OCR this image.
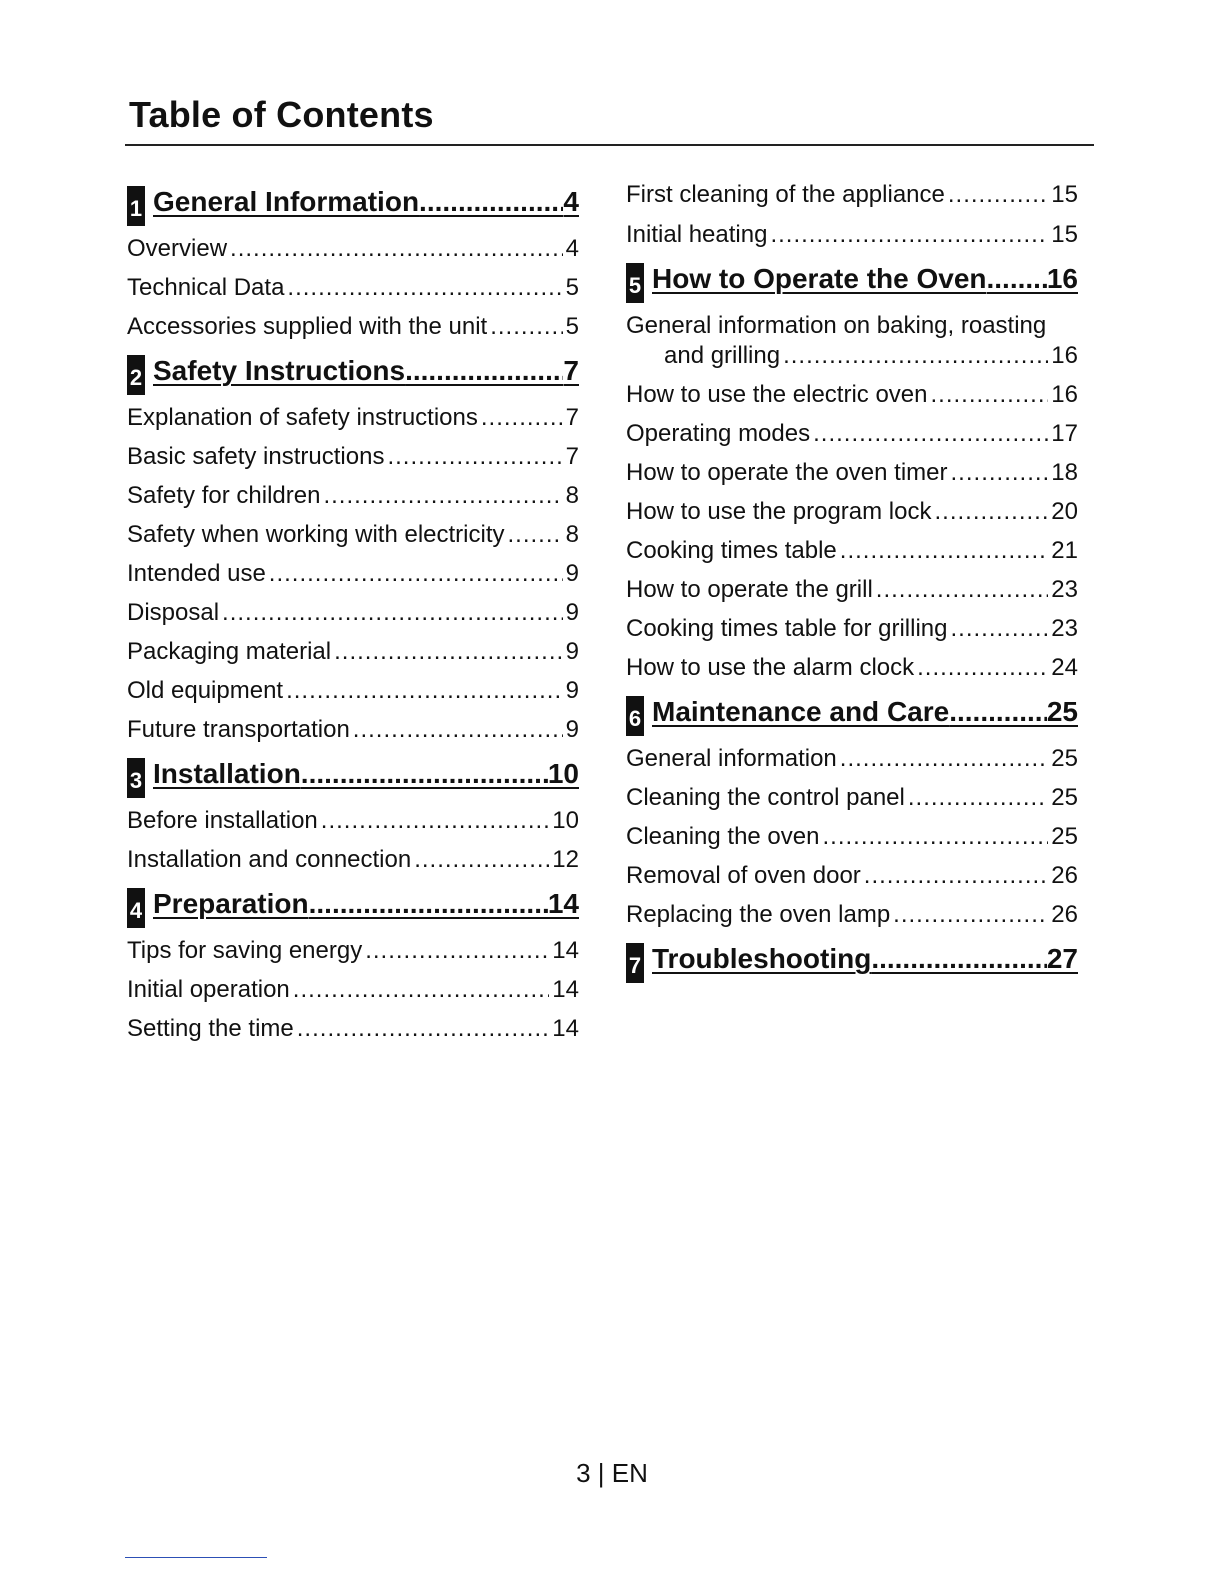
Table of Contents
1 General Information .....	4
Overview .....	4
Technical Data .....	5
Accessories supplied with the unit .....	5
2 Safety Instructions .....	7
Explanation of safety instructions .....	7
Basic safety instructions .....	7
Safety for children .....	8
Safety when working with electricity .....	8
Intended use .....	9
Disposal .....	9
Packaging material .....	9
Old equipment .....	9
Future transportation .....	9
3 Installation .....	10
Before installation .....	10
Installation and connection .....	12
4 Preparation .....	14
Tips for saving energy .....	14
Initial operation .....	14
Setting the time .....	14
First cleaning of the appliance .....	15
Initial heating .....	15
5 How to Operate the Oven ..... 16
General information on baking, roasting
and grilling .....	16
How to use the electric oven .....	16
Operating modes .....	17
How to operate the oven timer .....	18
How to use the program lock .....	20
Cooking times table .....	21
How to operate the grill .....	23
Cooking times table for grilling .....	23
How to use the alarm clock .....	24
6 Maintenance and Care .....	25
General information .....	25
Cleaning the control panel .....	25
Cleaning the oven .....	25
Removal of oven door .....	26
Replacing the oven lamp .....	26
7 Troubleshooting .....	27
3 | EN
